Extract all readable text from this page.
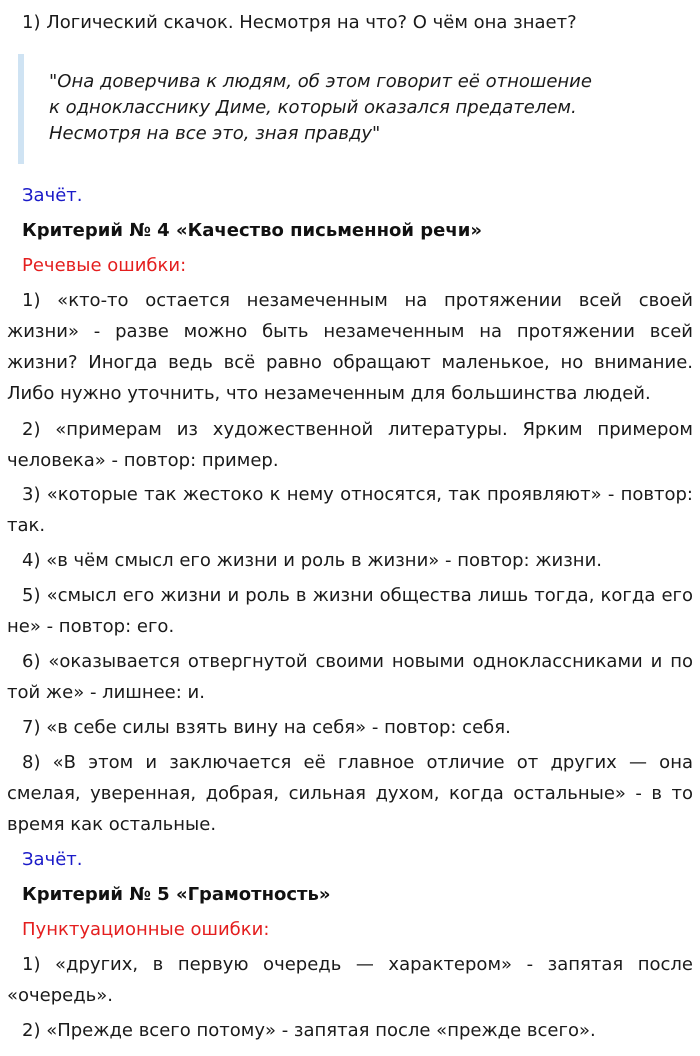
1) Логический скачок. Несмотря на что? О чём она знает?

"Она доверчива к людям, об этом говорит её отношение

к однокласснику Диме, который оказался предателем.

Несмотря на все это, зная правду"

Зачёт.

Критерий № 4 «Качество письменной речи»

Речевые ошибки:

1) «кто-то остается незамеченным на протяжении всей своей жизни» - разве можно быть незамеченным на протяжении всей жизни? Иногда ведь всё равно обращают маленькое, но внимание. Либо нужно уточнить, что незамеченным для большинства людей.

2) «примерам из художественной литературы. Ярким примером человека» - повтор: пример.

3) «которые так жестоко к нему относятся, так проявляют» - повтор: так.

4) «в чём смысл его жизни и роль в жизни» - повтор: жизни.

5) «смысл его жизни и роль в жизни общества лишь тогда, когда его не» - повтор: его.

6) «оказывается отвергнутой своими новыми одноклассниками и по той же» - лишнее: и.

7) «в себе силы взять вину на себя» - повтор: себя.

8) «В этом и заключается её главное отличие от других — она смелая, уверенная, добрая, сильная духом, когда остальные» - в то время как остальные.

Зачёт.

Критерий № 5 «Грамотность»

Пунктуационные ошибки:

1) «других, в первую очередь — характером» - запятая после «очередь».

2) «Прежде всего потому» - запятая после «прежде всего».
